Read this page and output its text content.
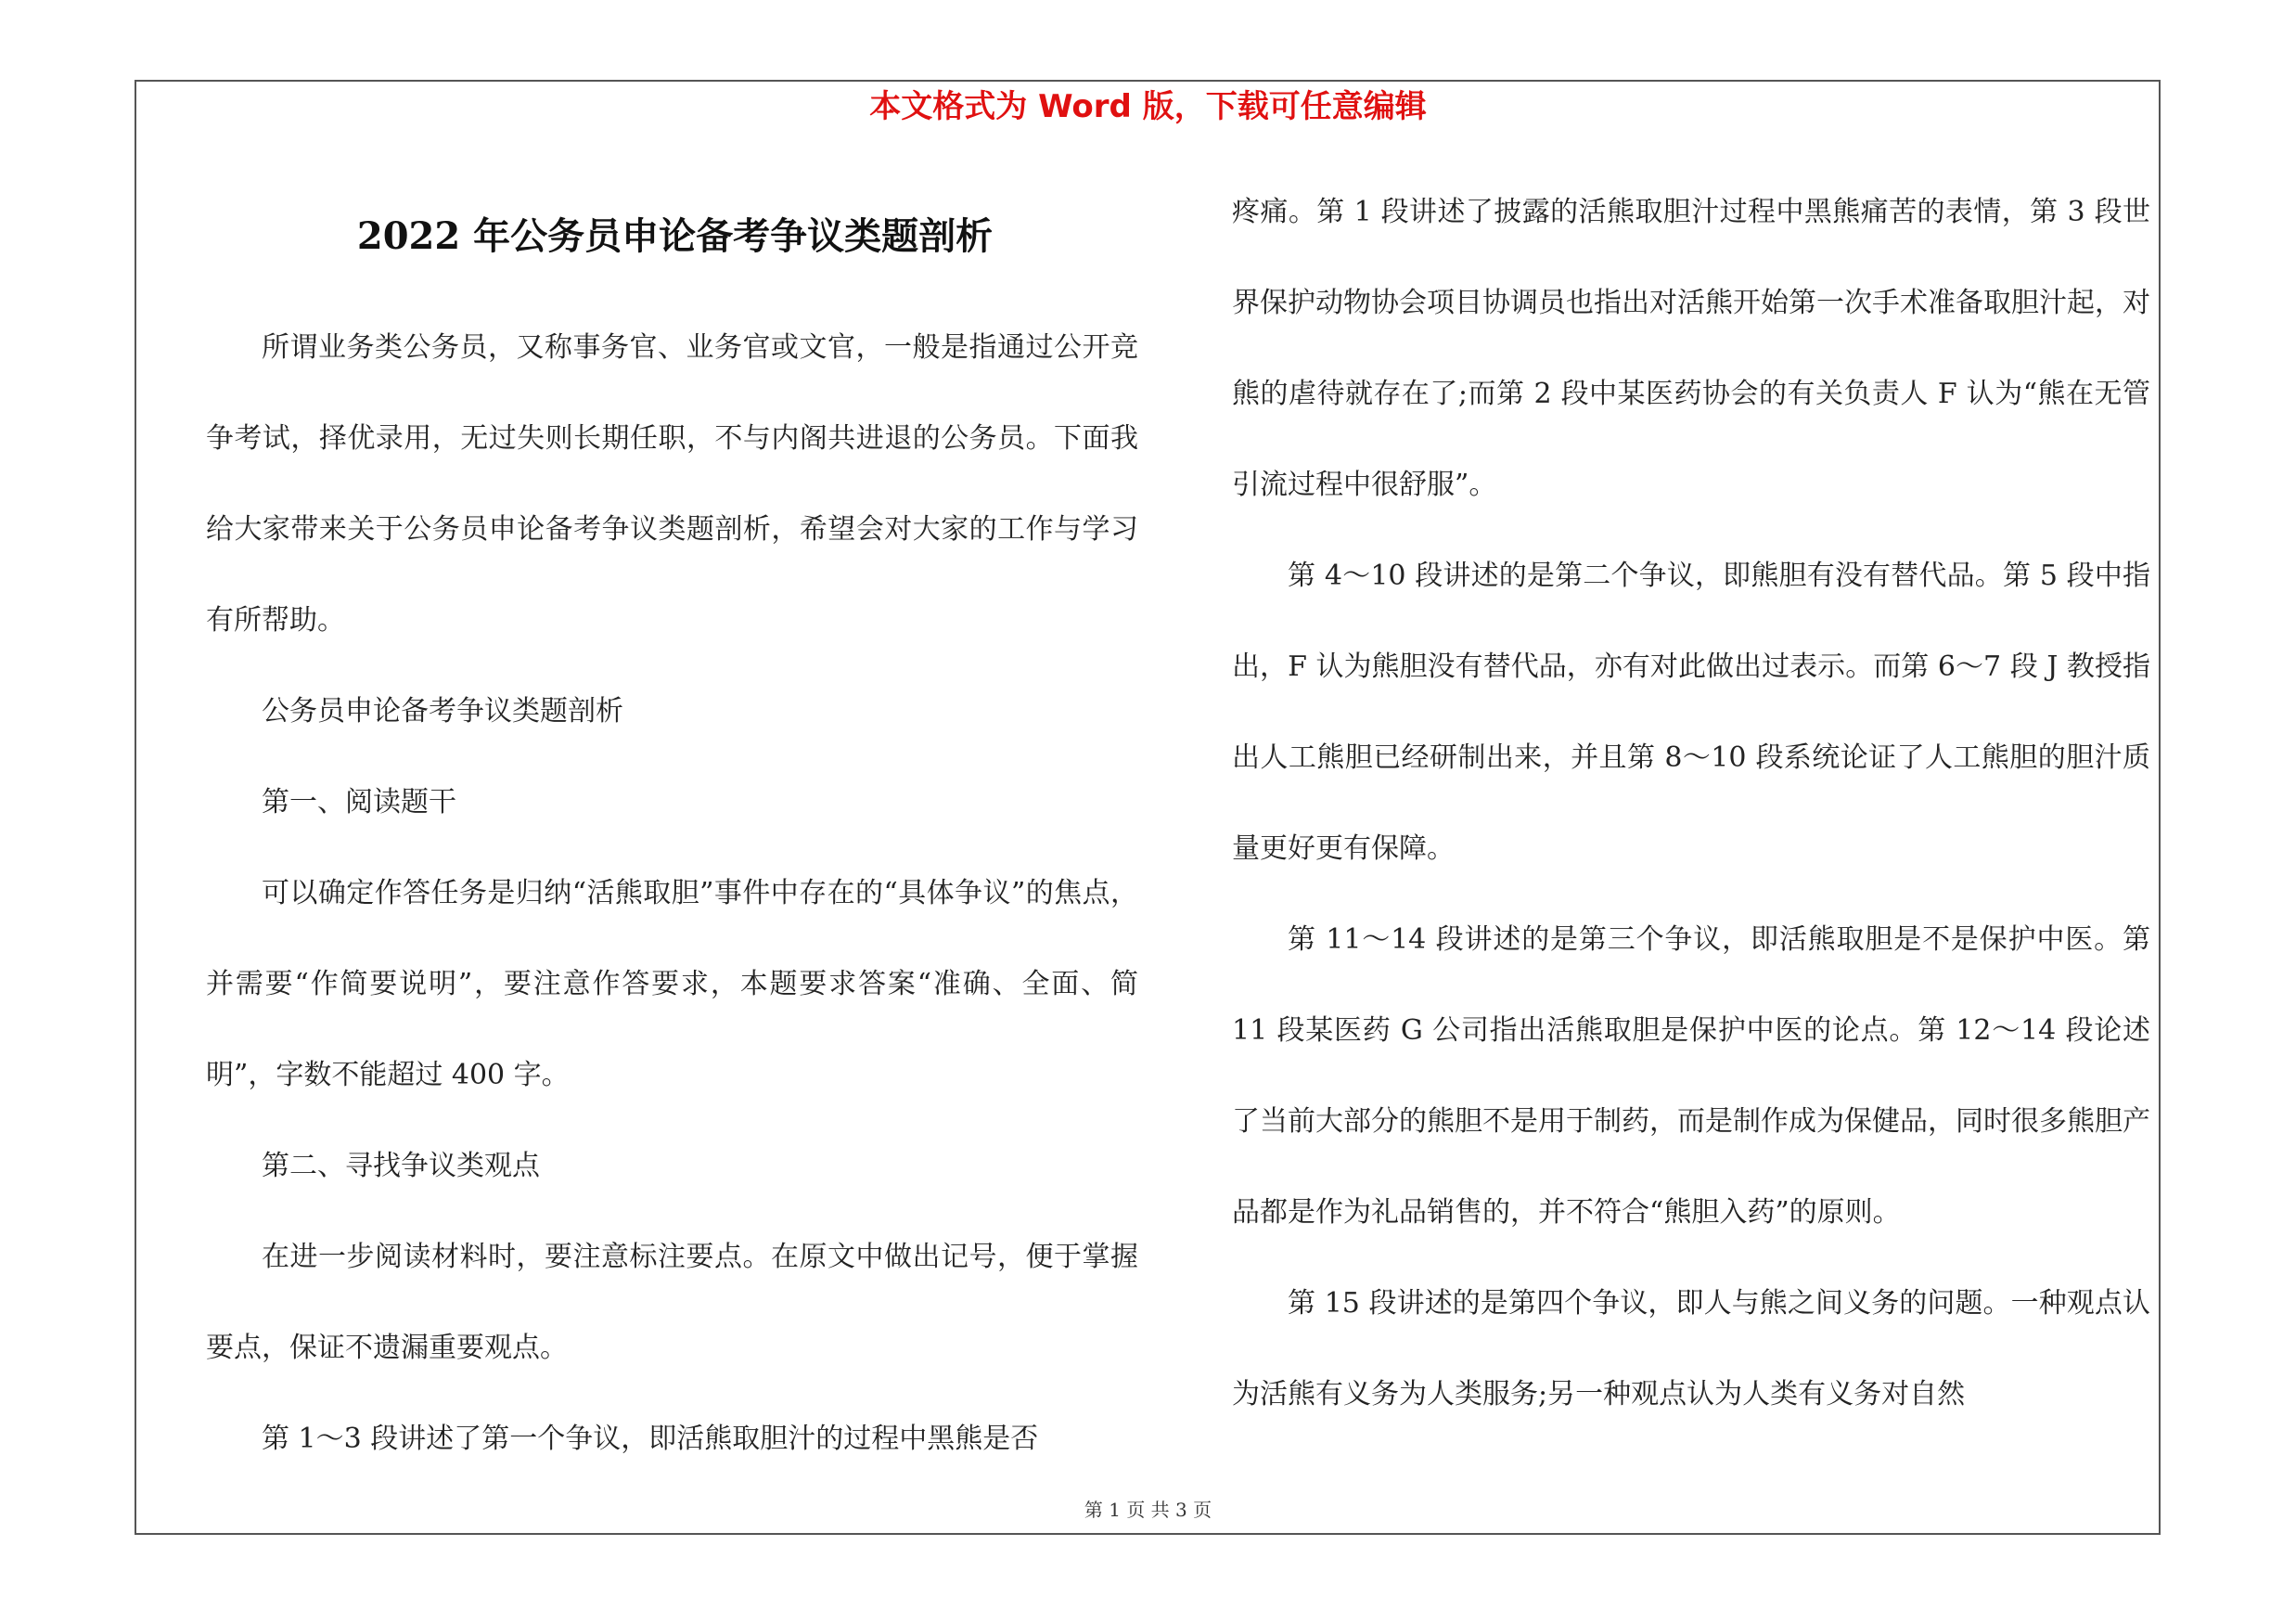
本文格式为 Word 版，下载可任意编辑
2022 年公务员申论备考争议类题剖析

所谓业务类公务员，又称事务官、业务官或文官，一般是指通过公开竞争考试，择优录用，无过失则长期任职，不与内阁共进退的公务员。下面我给大家带来关于公务员申论备考争议类题剖析，希望会对大家的工作与学习有所帮助。

公务员申论备考争议类题剖析

第一、阅读题干

可以确定作答任务是归纳“活熊取胆”事件中存在的“具体争议”的焦点，并需要“作简要说明”，要注意作答要求，本题要求答案“准确、全面、简明”，字数不能超过 400 字。

第二、寻找争议类观点

在进一步阅读材料时，要注意标注要点。在原文中做出记号，便于掌握要点，保证不遗漏重要观点。

第 1～3 段讲述了第一个争议，即活熊取胆汁的过程中黑熊是否

疼痛。第 1 段讲述了披露的活熊取胆汁过程中黑熊痛苦的表情，第 3 段世界保护动物协会项目协调员也指出对活熊开始第一次手术准备取胆汁起，对熊的虐待就存在了;而第 2 段中某医药协会的有关负责人 F 认为“熊在无管引流过程中很舒服”。

第 4～10 段讲述的是第二个争议，即熊胆有没有替代品。第 5 段中指出，F 认为熊胆没有替代品，亦有对此做出过表示。而第 6～7 段 J 教授指出人工熊胆已经研制出来，并且第 8～10 段系统论证了人工熊胆的胆汁质量更好更有保障。

第 11～14 段讲述的是第三个争议，即活熊取胆是不是保护中医。第 11 段某医药 G 公司指出活熊取胆是保护中医的论点。第 12～14 段论述了当前大部分的熊胆不是用于制药，而是制作成为保健品，同时很多熊胆产品都是作为礼品销售的，并不符合“熊胆入药”的原则。

第 15 段讲述的是第四个争议，即人与熊之间义务的问题。一种观点认为活熊有义务为人类服务;另一种观点认为人类有义务对自然

第 1 页 共 3 页
